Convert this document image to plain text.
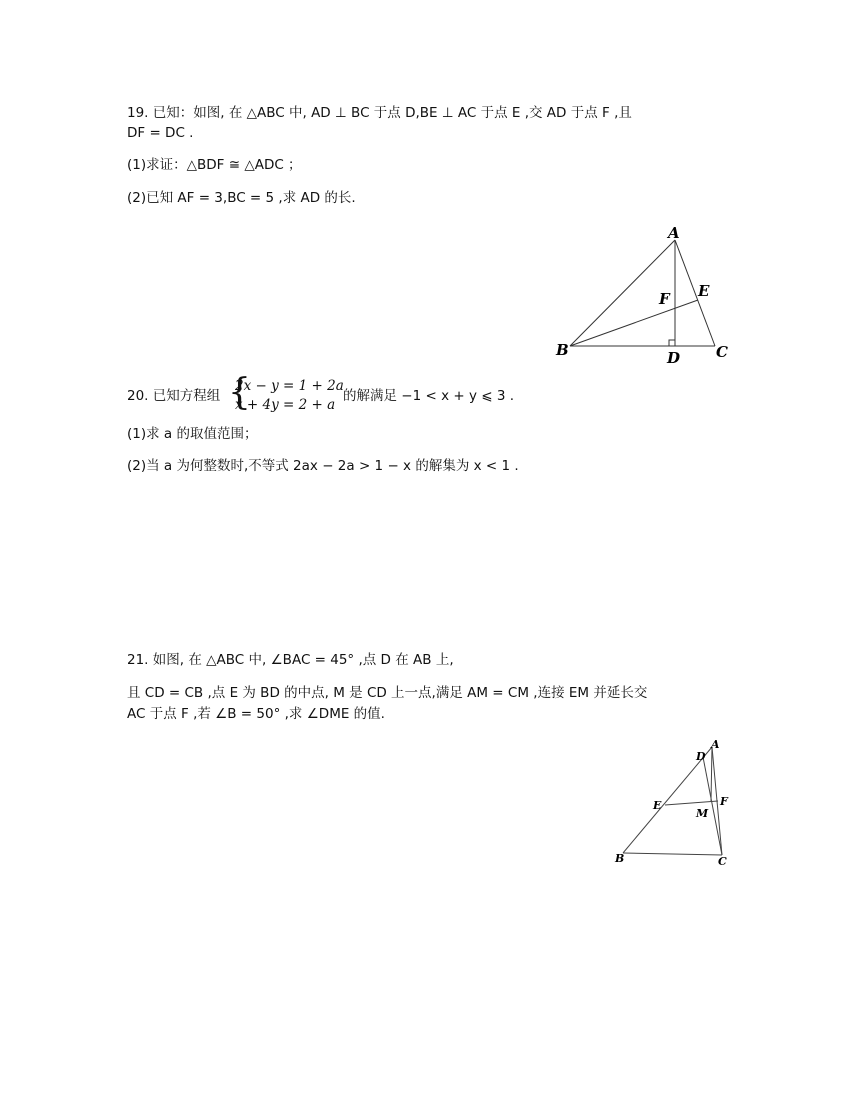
19. 已知：如图, 在 △ABC 中, AD ⊥ BC 于点 D,BE ⊥ AC 于点 E ,交 AD 于点 F ,且
DF = DC .
(1)求证：△BDF ≅ △ADC ；
(2)已知 AF = 3,BC = 5 ,求 AD 的长.
A
B	C
D
E
F
20. 已知方程组 {
2x − y = 1 + 2a
x + 4y = 2 + a
的解满足 −1 < x + y ⩽ 3 .
(1)求 a 的取值范围；
(2)当 a 为何整数时,不等式 2ax − 2a > 1 − x 的解集为 x < 1 .
21. 如图, 在 △ABC 中, ∠BAC = 45° ,点 D 在 AB 上,
且 CD = CB ,点 E 为 BD 的中点, M 是 CD 上一点,满足 AM = CM ,连接 EM 并延长交
AC 于点 F ,若 ∠B = 50° ,求 ∠DME 的值.
A
B	C
D
E	F
M
